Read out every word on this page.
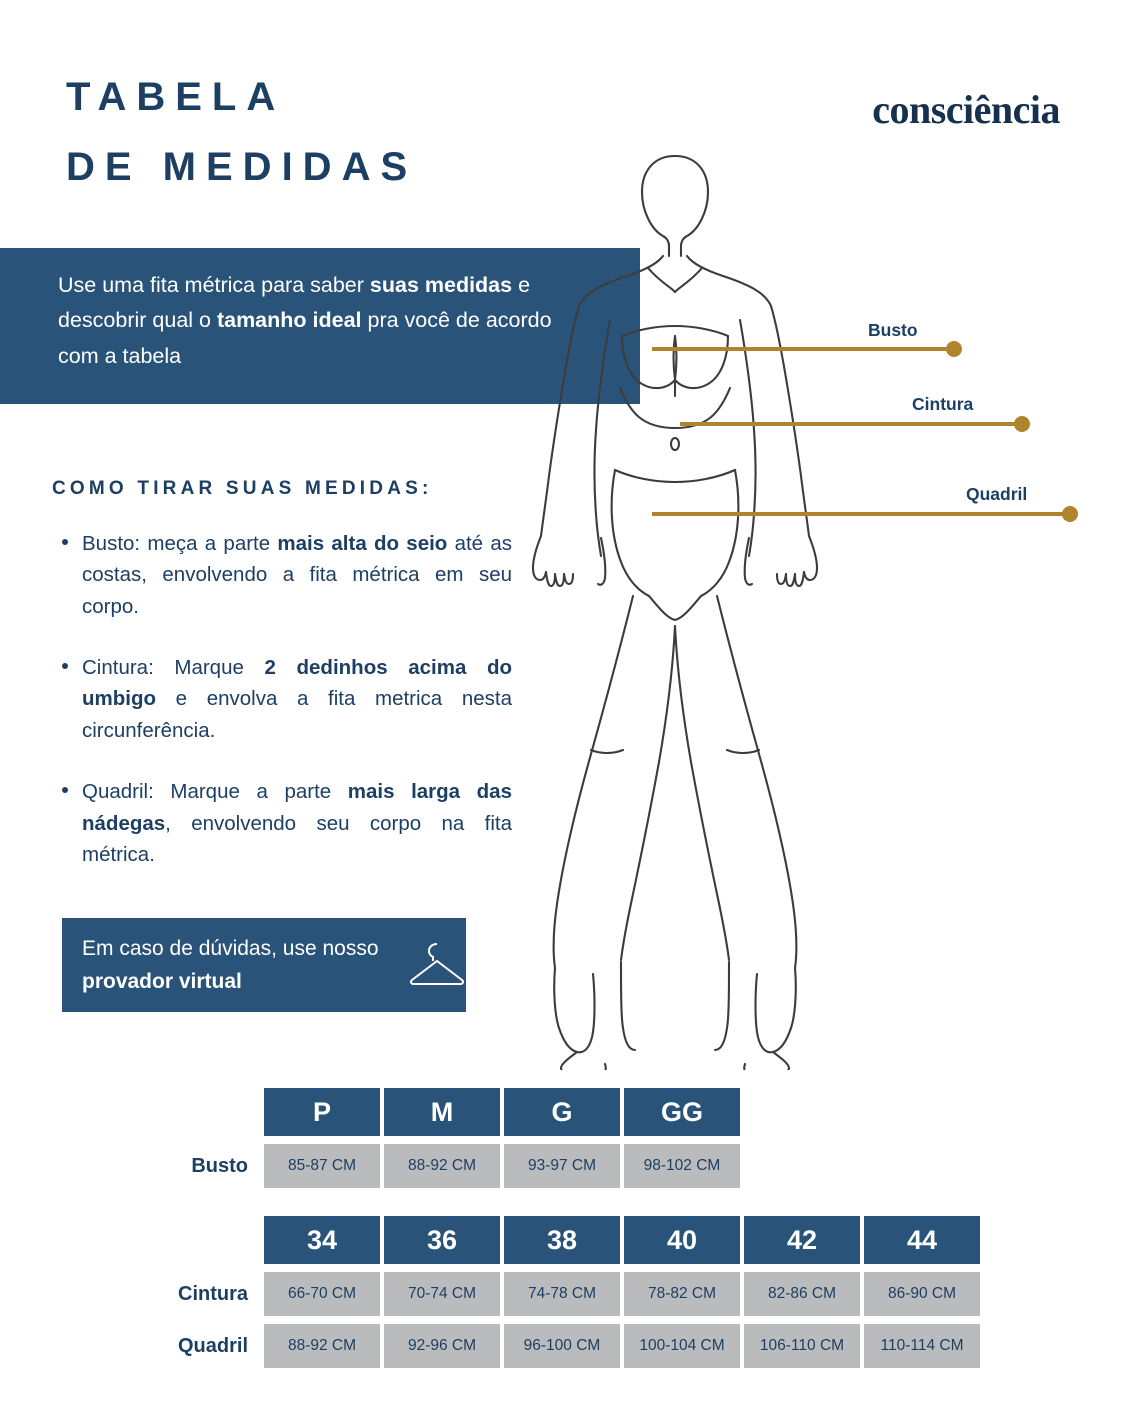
TABELA
DE MEDIDAS
consciência
Use uma fita métrica para saber suas medidas e descobrir qual o tamanho ideal pra você de acordo com a tabela
COMO TIRAR SUAS MEDIDAS:
Busto: meça a parte mais alta do seio até as costas, envolvendo a fita métrica em seu corpo.
Cintura: Marque 2 dedinhos acima do umbigo e envolva a fita metrica nesta circunferência.
Quadril: Marque a parte mais larga das nádegas, envolvendo seu corpo na fita métrica.
Em caso de dúvidas, use nosso provador virtual
Busto
Cintura
Quadril
P	M	G	GG
Busto	85-87 CM	88-92 CM	93-97 CM	98-102 CM
34	36	38	40	42	44
Cintura	66-70 CM	70-74 CM	74-78 CM	78-82 CM	82-86 CM	86-90 CM
Quadril	88-92 CM	92-96 CM	96-100 CM	100-104 CM	106-110 CM	110-114 CM
